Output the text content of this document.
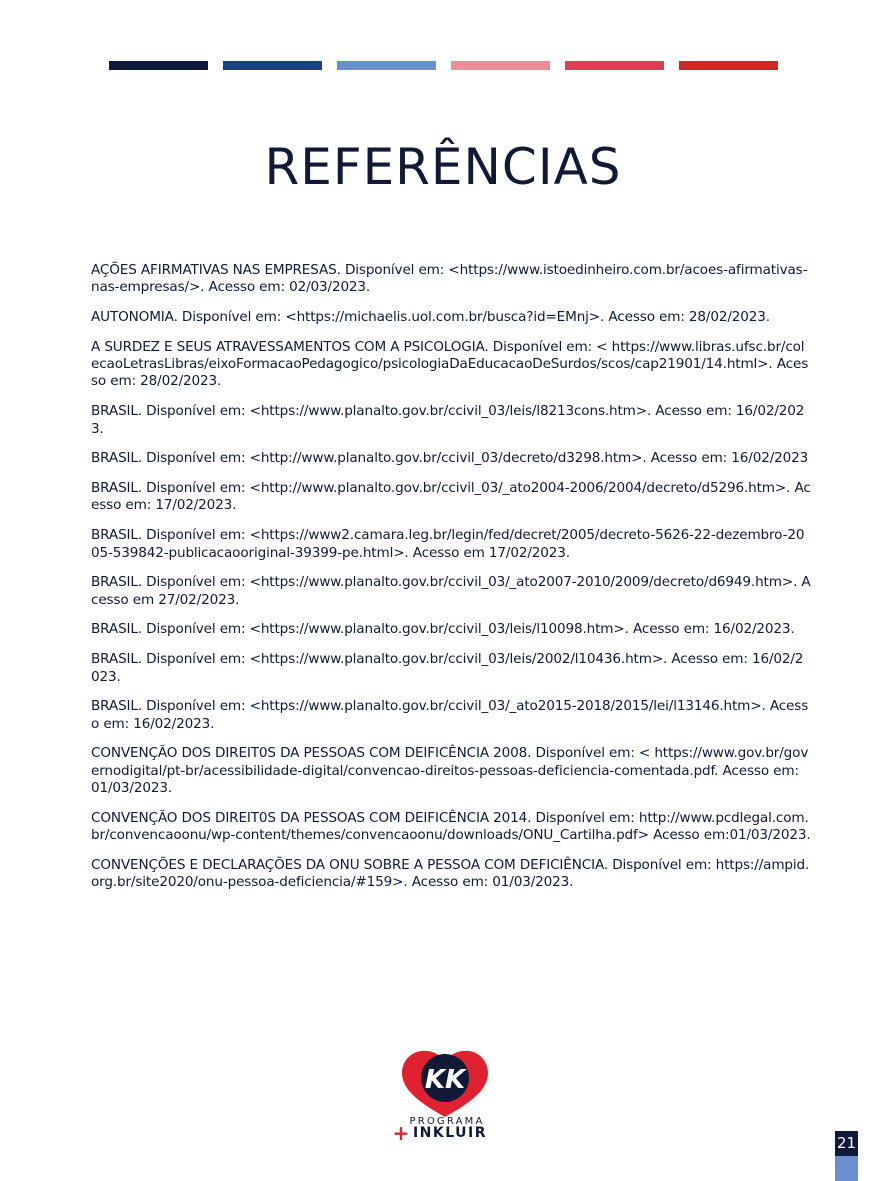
REFERÊNCIAS

AÇÕES AFIRMATIVAS NAS EMPRESAS. Disponível em: <https://www.istoedinheiro.com.br/acoes-afirmativas-nas-empresas/>. Acesso em: 02/03/2023.

AUTONOMIA. Disponível em: <https://michaelis.uol.com.br/busca?id=EMnj>. Acesso em: 28/02/2023.

A SURDEZ E SEUS ATRAVESSAMENTOS COM A PSICOLOGIA. Disponível em: < https://www.libras.ufsc.br/colecaoLetrasLibras/eixoFormacaoPedagogico/psicologiaDaEducacaoDeSurdos/scos/cap21901/14.html>. Acesso em: 28/02/2023.

BRASIL. Disponível em: <https://www.planalto.gov.br/ccivil_03/leis/l8213cons.htm>. Acesso em: 16/02/2023.

BRASIL. Disponível em: <http://www.planalto.gov.br/ccivil_03/decreto/d3298.htm>. Acesso em: 16/02/2023

BRASIL. Disponível em: <http://www.planalto.gov.br/ccivil_03/_ato2004-2006/2004/decreto/d5296.htm>. Acesso em: 17/02/2023.

BRASIL. Disponível em: <https://www2.camara.leg.br/legin/fed/decret/2005/decreto-5626-22-dezembro-2005-539842-publicacaooriginal-39399-pe.html>. Acesso em 17/02/2023.

BRASIL. Disponível em: <https://www.planalto.gov.br/ccivil_03/_ato2007-2010/2009/decreto/d6949.htm>. Acesso em 27/02/2023.

BRASIL. Disponível em: <https://www.planalto.gov.br/ccivil_03/leis/l10098.htm>. Acesso em: 16/02/2023.

BRASIL. Disponível em: <https://www.planalto.gov.br/ccivil_03/leis/2002/l10436.htm>. Acesso em: 16/02/2023.

BRASIL. Disponível em: <https://www.planalto.gov.br/ccivil_03/_ato2015-2018/2015/lei/l13146.htm>. Acesso em: 16/02/2023.

CONVENÇÃO DOS DIREIT0S DA PESSOAS COM DEIFICÊNCIA 2008. Disponível em: < https://www.gov.br/governodigital/pt-br/acessibilidade-digital/convencao-direitos-pessoas-deficiencia-comentada.pdf. Acesso em: 01/03/2023.

CONVENÇÃO DOS DIREIT0S DA PESSOAS COM DEIFICÊNCIA 2014. Disponível em: http://www.pcdlegal.com.br/convencaoonu/wp-content/themes/convencaoonu/downloads/ONU_Cartilha.pdf> Acesso em:01/03/2023.

CONVENÇÕES E DECLARAÇÕES DA ONU SOBRE A PESSOA COM DEFICIÊNCIA. Disponível em: https://ampid.org.br/site2020/onu-pessoa-deficiencia/#159>. Acesso em: 01/03/2023.

KK
PROGRAMA
+ INKLUIR
21
